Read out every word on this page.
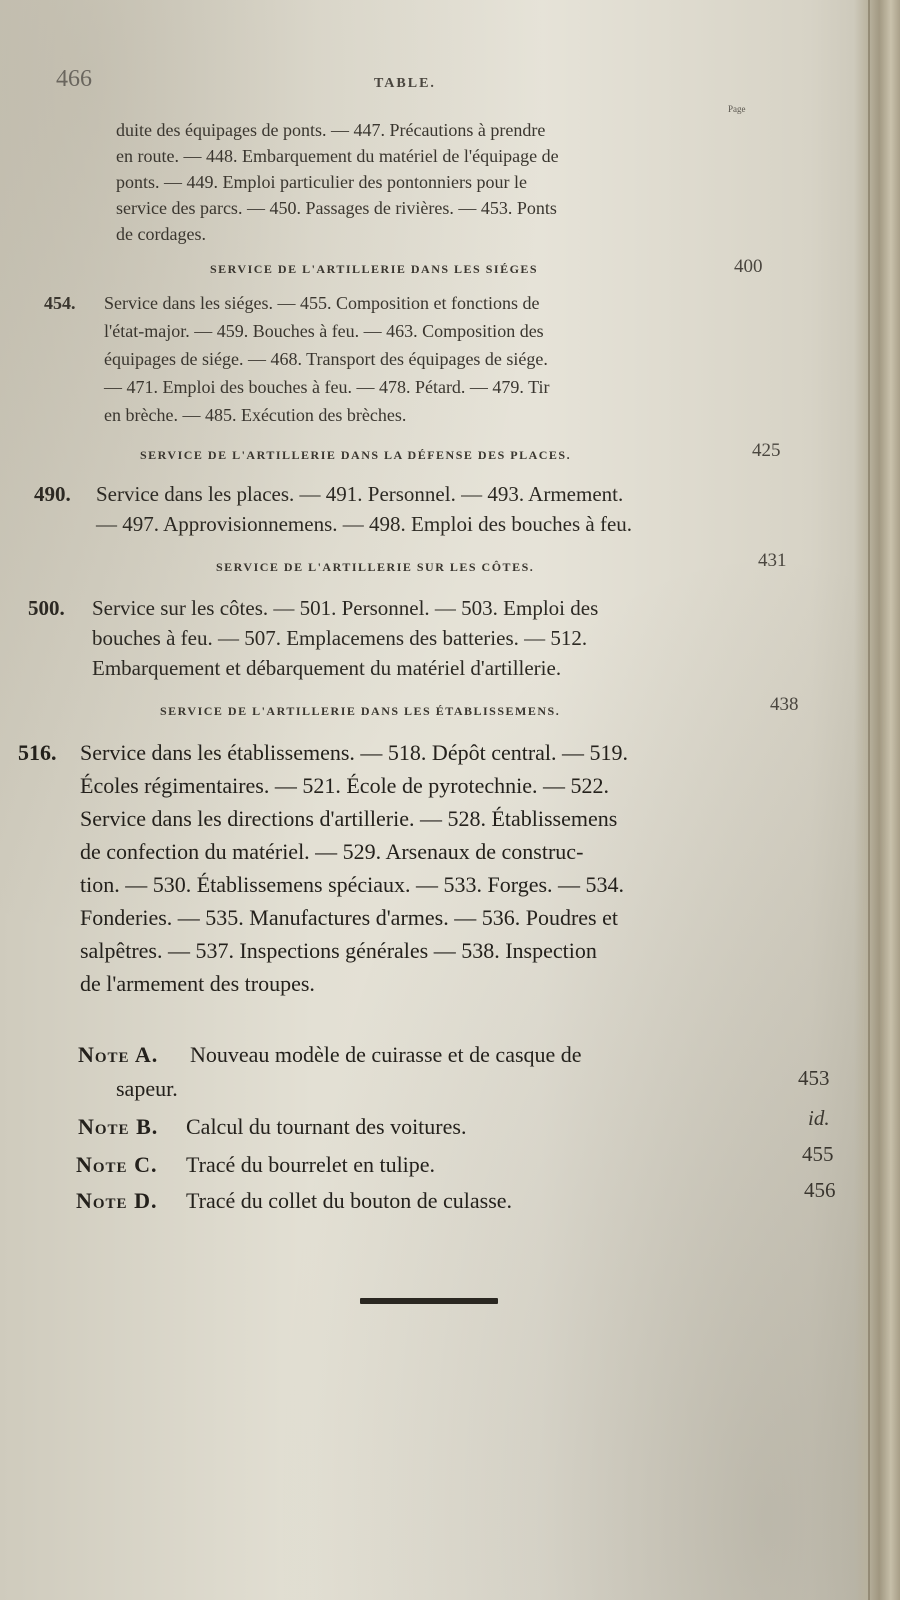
466	TABLE.
Page
duite des équipages de ponts. — 447. Précautions à prendre
en route. — 448. Embarquement du matériel de l'équipage de
ponts. — 449. Emploi particulier des pontonniers pour le
service des parcs. — 450. Passages de rivières. — 453. Ponts
de cordages.
SERVICE DE L'ARTILLERIE DANS LES SIÉGES	400
454. Service dans les siéges. — 455. Composition et fonctions de
l'état-major. — 459. Bouches à feu. — 463. Composition des
équipages de siége. — 468. Transport des équipages de siége.
— 471. Emploi des bouches à feu. — 478. Pétard. — 479. Tir
en brèche. — 485. Exécution des brèches.
SERVICE DE L'ARTILLERIE DANS LA DÉFENSE DES PLACES.	425
490. Service dans les places. — 491. Personnel. — 493. Armement.
— 497. Approvisionnemens. — 498. Emploi des bouches à feu.
SERVICE DE L'ARTILLERIE SUR LES CÔTES.	431
500. Service sur les côtes. — 501. Personnel. — 503. Emploi des
bouches à feu. — 507. Emplacemens des batteries. — 512.
Embarquement et débarquement du matériel d'artillerie.
SERVICE DE L'ARTILLERIE DANS LES ÉTABLISSEMENS.	438
516. Service dans les établissemens. — 518. Dépôt central. — 519.
Écoles régimentaires. — 521. École de pyrotechnie. — 522.
Service dans les directions d'artillerie. — 528. Établissemens
de confection du matériel. — 529. Arsenaux de construc-
tion. — 530. Établissemens spéciaux. — 533. Forges. — 534.
Fonderies. — 535. Manufactures d'armes. — 536. Poudres et
salpêtres. — 537. Inspections générales — 538. Inspection
de l'armement des troupes.
Note A. Nouveau modèle de cuirasse et de casque de
sapeur.	453
Note B. Calcul du tournant des voitures.	id.
Note C. Tracé du bourrelet en tulipe.	455
Note D. Tracé du collet du bouton de culasse.	456
